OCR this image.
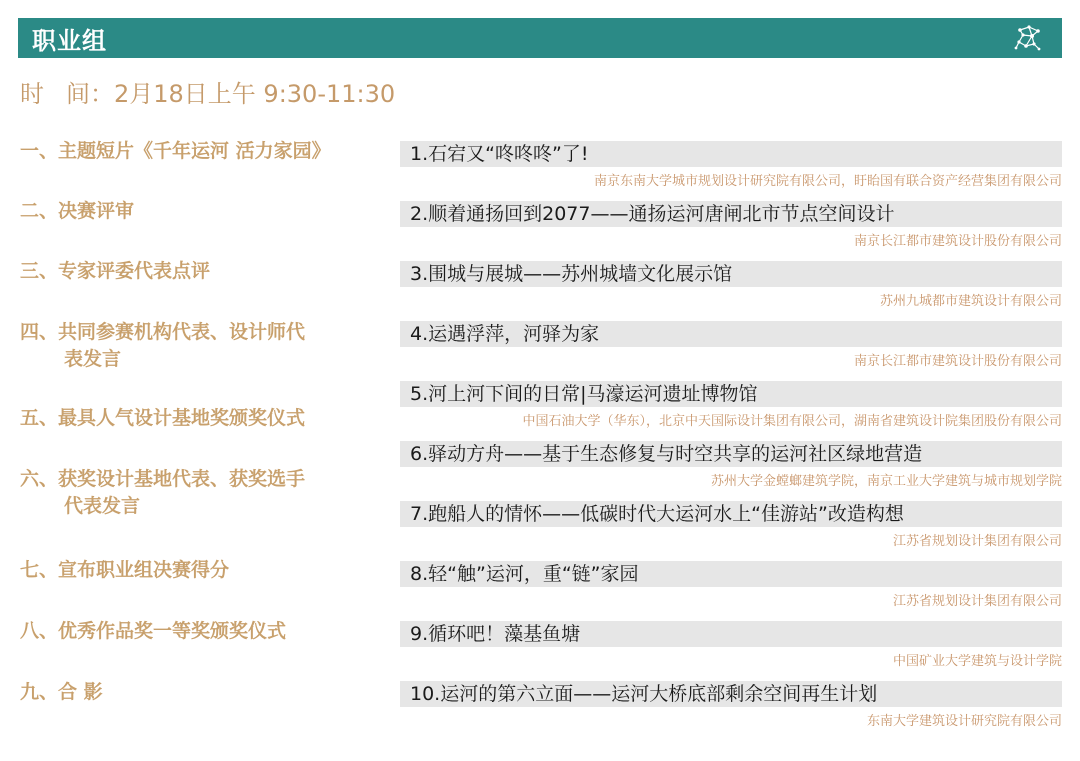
职业组
时 间：2月18日上午 9:30-11:30
一、主题短片《千年运河 活力家园》
二、决赛评审
三、专家评委代表点评
四、共同参赛机构代表、设计师代
表发言
五、最具人气设计基地奖颁奖仪式
六、获奖设计基地代表、获奖选手
代表发言
七、宣布职业组决赛得分
八、优秀作品奖一等奖颁奖仪式
九、合 影
1.石宕又“咚咚咚”了!
南京东南大学城市规划设计研究院有限公司，盱眙国有联合资产经营集团有限公司
2.顺着通扬回到2077——通扬运河唐闸北市节点空间设计
南京长江都市建筑设计股份有限公司
3.围城与展城——苏州城墙文化展示馆
苏州九城都市建筑设计有限公司
4.运遇浮萍，河驿为家
南京长江都市建筑设计股份有限公司
5.河上河下间的日常|马濠运河遗址博物馆
中国石油大学（华东），北京中天国际设计集团有限公司，湖南省建筑设计院集团股份有限公司
6.驿动方舟——基于生态修复与时空共享的运河社区绿地营造
苏州大学金螳螂建筑学院，南京工业大学建筑与城市规划学院
7.跑船人的情怀——低碳时代大运河水上“佳游站”改造构想
江苏省规划设计集团有限公司
8.轻“触”运河，重“链”家园
江苏省规划设计集团有限公司
9.循环吧！藻基鱼塘
中国矿业大学建筑与设计学院
10.运河的第六立面——运河大桥底部剩余空间再生计划
东南大学建筑设计研究院有限公司
